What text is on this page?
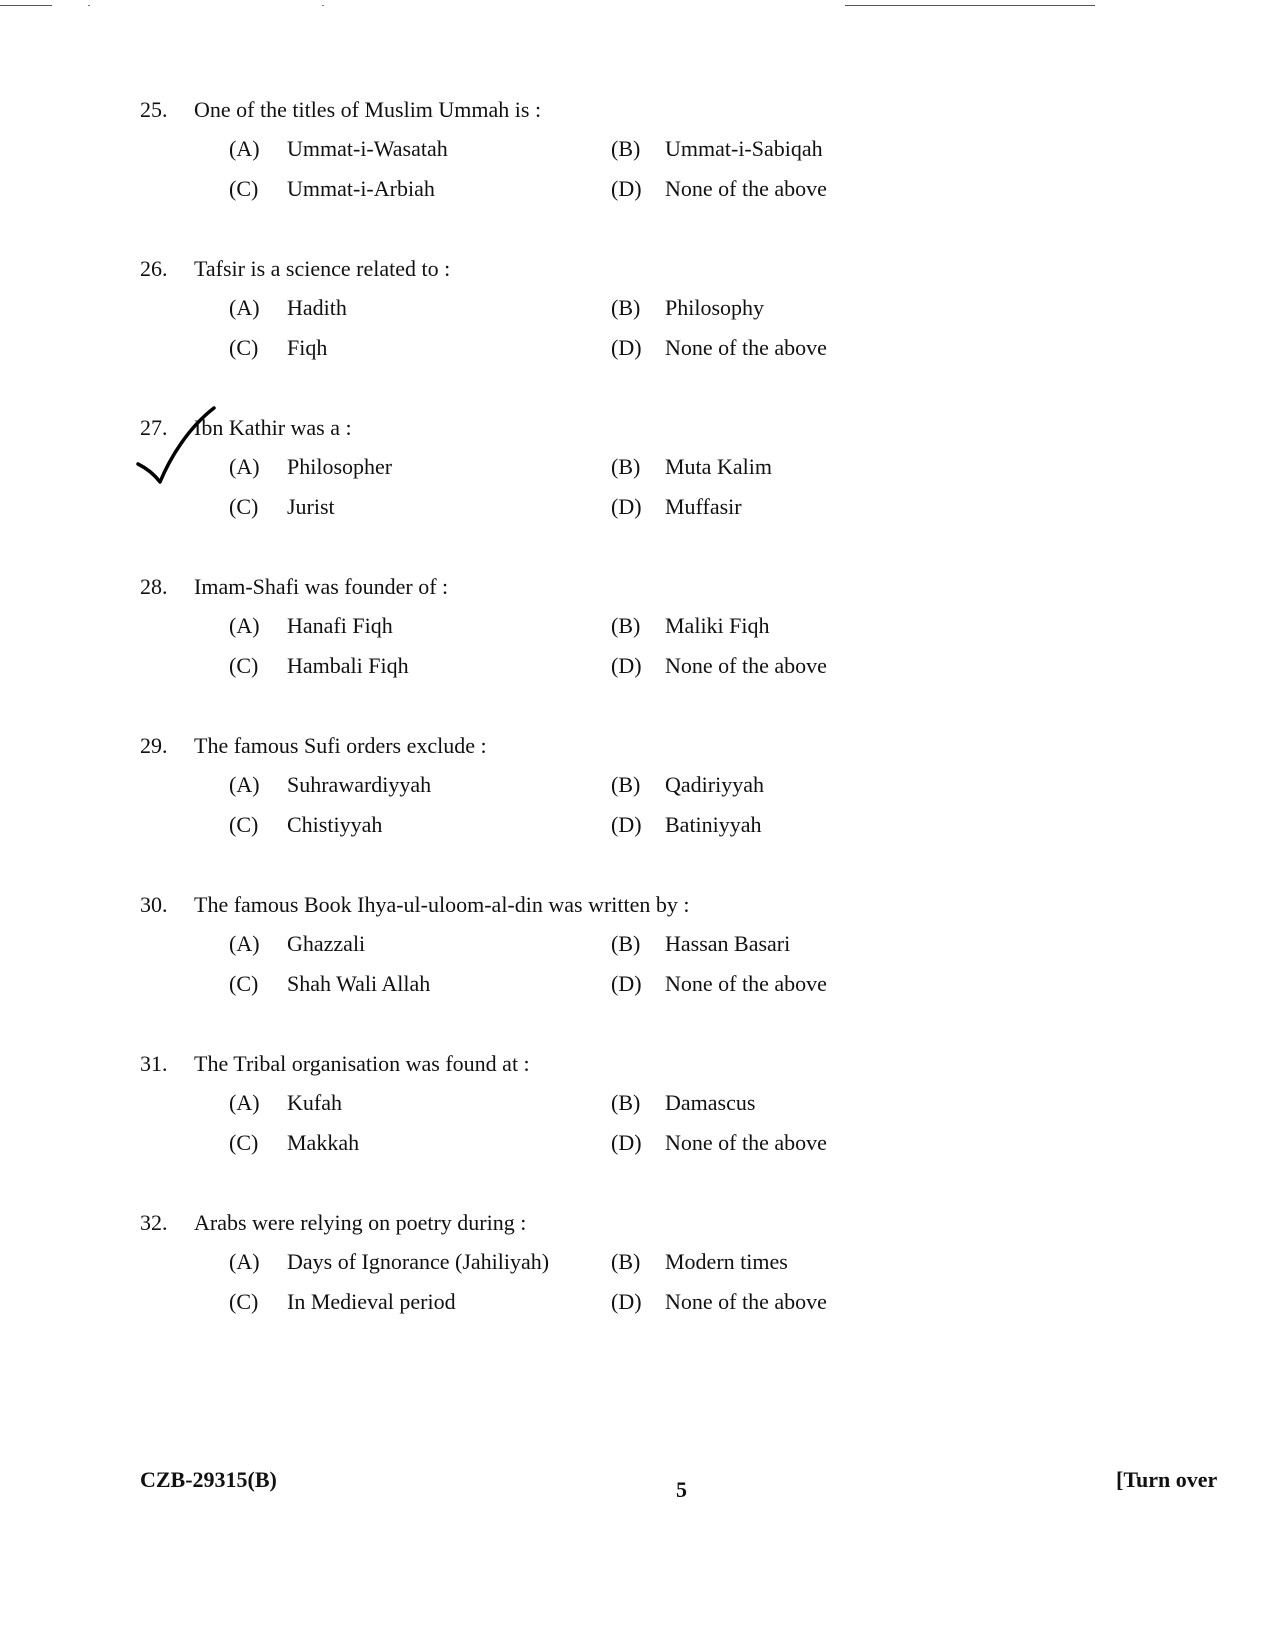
25. One of the titles of Muslim Ummah is :
(A) Ummat-i-Wasatah	(B) Ummat-i-Sabiqah
(C) Ummat-i-Arbiah	(D) None of the above
26. Tafsir is a science related to :
(A) Hadith	(B) Philosophy
(C) Fiqh	(D) None of the above
27. Ibn Kathir was a :
(A) Philosopher	(B) Muta Kalim
(C) Jurist	(D) Muffasir
28. Imam-Shafi was founder of :
(A) Hanafi Fiqh	(B) Maliki Fiqh
(C) Hambali Fiqh	(D) None of the above
29. The famous Sufi orders exclude :
(A) Suhrawardiyyah	(B) Qadiriyyah
(C) Chistiyyah	(D) Batiniyyah
30. The famous Book Ihya-ul-uloom-al-din was written by :
(A) Ghazzali	(B) Hassan Basari
(C) Shah Wali Allah	(D) None of the above
31. The Tribal organisation was found at :
(A) Kufah	(B) Damascus
(C) Makkah	(D) None of the above
32. Arabs were relying on poetry during :
(A) Days of Ignorance (Jahiliyah)	(B) Modern times
(C) In Medieval period	(D) None of the above
CZB-29315(B)	5	[Turn over
